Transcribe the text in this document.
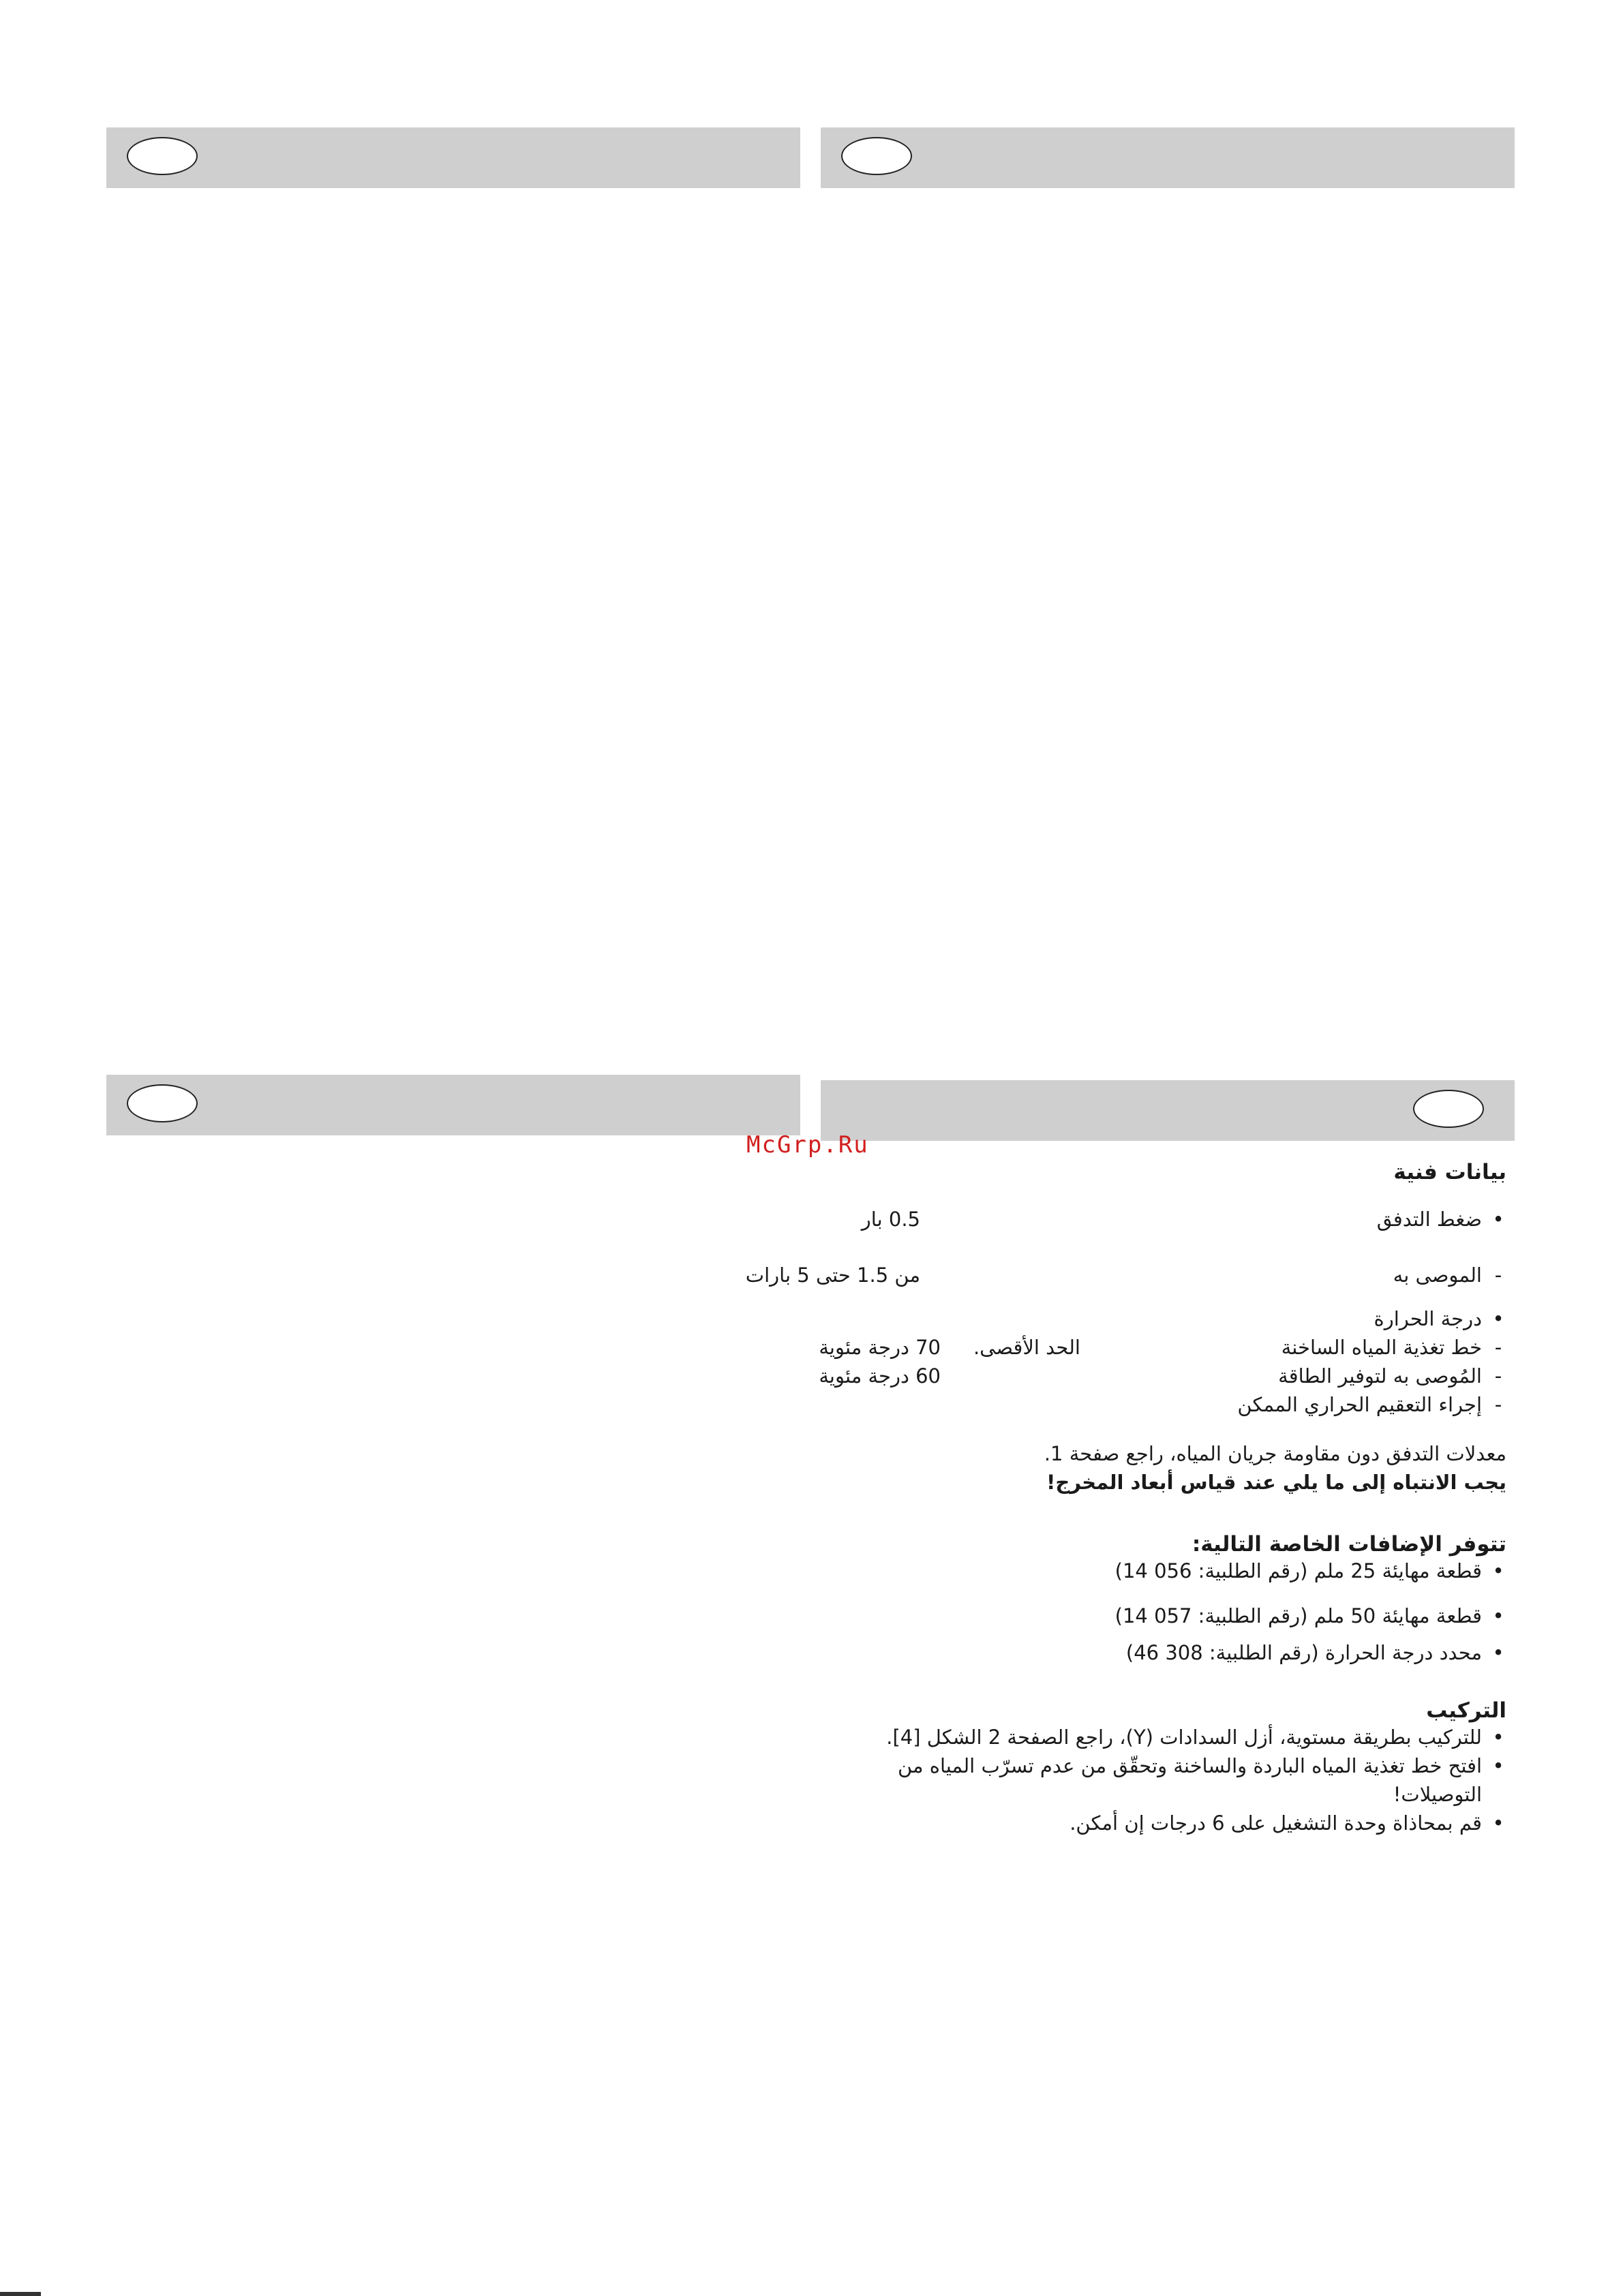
McGrp.Ru

بيانات فنية

•
ضغط التدفق
0.5 بار
-
الموصى به
من 1.5 حتى 5 بارات
•
درجة الحرارة
-
خط تغذية المياه الساخنة
الحد الأقصى.
70 درجة مئوية
-
المُوصى به لتوفير الطاقة
60 درجة مئوية
-
إجراء التعقيم الحراري الممكن

معدلات التدفق دون مقاومة جريان المياه، راجع صفحة 1.

يجب الانتباه إلى ما يلي عند قياس أبعاد المخرج!

تتوفر الإضافات الخاصة التالية:

•
قطعة مهايئة 25 ملم (رقم الطلبية: 056 14)

•
قطعة مهايئة 50 ملم (رقم الطلبية: 057 14)

•
محدد درجة الحرارة (رقم الطلبية: 308 46)

التركيب

•
للتركيب بطريقة مستوية، أزل السدادات (Y)، راجع الصفحة 2 الشكل [4].

•
افتح خط تغذية المياه الباردة والساخنة وتحقّق من عدم تسرّب المياه من التوصيلات!

•
قم بمحاذاة وحدة التشغيل على 6 درجات إن أمكن.
